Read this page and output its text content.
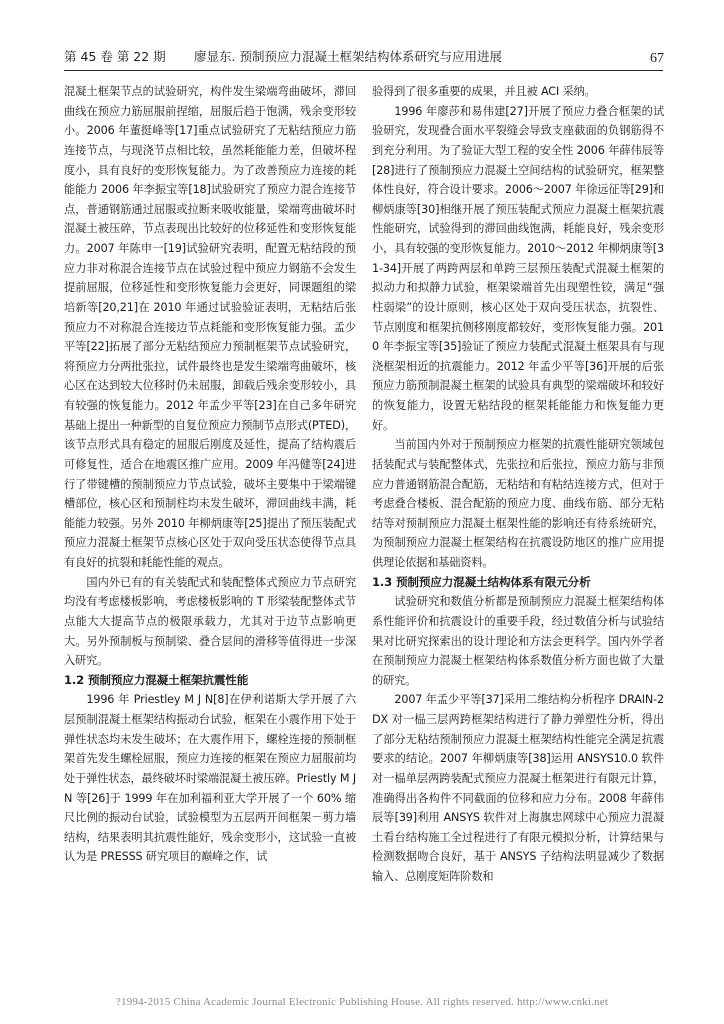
第 45 卷 第 22 期 廖显东. 预制预应力混凝土框架结构体系研究与应用进展	67

混凝土框架节点的试验研究，构件发生梁端弯曲破坏，滞回曲线在预应力筋屈服前捏缩，屈服后趋于饱满，残余变形较小。2006 年董挺峰等[17]重点试验研究了无粘结预应力筋连接节点，与现浇节点相比较，虽然耗能能力差，但破坏程度小，具有良好的变形恢复能力。为了改善预应力连接的耗能能力 2006 年李振宝等[18]试验研究了预应力混合连接节点，普通钢筋通过屈服或拉断来吸收能量，梁端弯曲破坏时混凝土被压碎，节点表现出比较好的位移延性和变形恢复能力。2007 年陈申一[19]试验研究表明，配置无粘结段的预应力非对称混合连接节点在试验过程中预应力钢筋不会发生提前屈服，位移延性和变形恢复能力会更好，同课题组的梁培新等[20,21]在 2010 年通过试验验证表明，无粘结后张预应力不对称混合连接边节点耗能和变形恢复能力强。孟少平等[22]拓展了部分无粘结预应力预制框架节点试验研究，将预应力分两批张拉，试件最终也是发生梁端弯曲破坏，核心区在达到较大位移时仍未屈服，卸载后残余变形较小，具有较强的恢复能力。2012 年孟少平等[23]在自己多年研究基础上提出一种新型的自复位预应力预制节点形式(PTED)，该节点形式具有稳定的屈服后刚度及延性，提高了结构震后可修复性，适合在地震区推广应用。2009 年冯健等[24]进行了带键槽的预制预应力节点试验，破坏主要集中于梁端键槽部位，核心区和预制柱均未发生破坏，滞回曲线丰满，耗能能力较强。另外 2010 年柳炳康等[25]提出了预压装配式预应力混凝土框架节点核心区处于双向受压状态使得节点具有良好的抗裂和耗能性能的观点。

国内外已有的有关装配式和装配整体式预应力节点研究均没有考虑楼板影响，考虑楼板影响的 T 形梁装配整体式节点能大大提高节点的极限承载力，尤其对于边节点影响更大。另外预制板与预制梁、叠合层间的滑移等值得进一步深入研究。

1.2 预制预应力混凝土框架抗震性能

1996 年 Priestley M J N[8]在伊利诺斯大学开展了六层预制混凝土框架结构振动台试验，框架在小震作用下处于弹性状态均未发生破坏；在大震作用下，螺栓连接的预制框架首先发生螺栓屈服，预应力连接的框架在预应力屈服前均处于弹性状态，最终破坏时梁端混凝土被压碎。Priestly M J N 等[26]于 1999 年在加利福利亚大学开展了一个 60% 缩尺比例的振动台试验，试验模型为五层两开间框架－剪力墙结构，结果表明其抗震性能好，残余变形小，这试验一直被认为是 PRESSS 研究项目的巅峰之作，试

验得到了很多重要的成果，并且被 ACI 采纳。

1996 年廖莎和易伟建[27]开展了预应力叠合框架的试验研究，发现叠合面水平裂缝会导致支座截面的负钢筋得不到充分利用。为了验证大型工程的安全性 2006 年薛伟辰等[28]进行了预制预应力混凝土空间结构的试验研究，框架整体性良好，符合设计要求。2006～2007 年徐远征等[29]和柳炳康等[30]相继开展了预压装配式预应力混凝土框架抗震性能研究，试验得到的滞回曲线饱满，耗能良好，残余变形小，具有较强的变形恢复能力。2010～2012 年柳炳康等[31-34]开展了两跨两层和单跨三层预压装配式混凝土框架的拟动力和拟静力试验，框架梁端首先出现塑性铰，满足“强柱弱梁”的设计原则，核心区处于双向受压状态，抗裂性、节点刚度和框架抗侧移刚度都较好，变形恢复能力强。2010 年李振宝等[35]验证了预应力装配式混凝土框架具有与现浇框架相近的抗震能力。2012 年孟少平等[36]开展的后张预应力筋预制混凝土框架的试验具有典型的梁端破坏和较好的恢复能力，设置无粘结段的框架耗能能力和恢复能力更好。

当前国内外对于预制预应力框架的抗震性能研究领域包括装配式与装配整体式，先张拉和后张拉，预应力筋与非预应力普通钢筋混合配筋，无粘结和有粘结连接方式，但对于考虑叠合楼板、混合配筋的预应力度、曲线布筋、部分无粘结等对预制预应力混凝土框架性能的影响还有待系统研究，为预制预应力混凝土框架结构在抗震设防地区的推广应用提供理论依据和基础资料。

1.3 预制预应力混凝土结构体系有限元分析

试验研究和数值分析都是预制预应力混凝土框架结构体系性能评价和抗震设计的重要手段，经过数值分析与试验结果对比研究探索出的设计理论和方法会更科学。国内外学者在预制预应力混凝土框架结构体系数值分析方面也做了大量的研究。

2007 年孟少平等[37]采用二维结构分析程序 DRAIN-2DX 对一榀三层两跨框架结构进行了静力弹塑性分析，得出了部分无粘结预制预应力混凝土框架结构性能完全满足抗震要求的结论。2007 年柳炳康等[38]运用 ANSYS10.0 软件对一榀单层两跨装配式预应力混凝土框架进行有限元计算，准确得出各构件不同截面的位移和应力分布。2008 年薛伟辰等[39]利用 ANSYS 软件对上海旗忠网球中心预应力混凝土看台结构施工全过程进行了有限元模拟分析，计算结果与检测数据吻合良好，基于 ANSYS 子结构法明显减少了数据输入、总刚度矩阵阶数和

?1994-2015 China Academic Journal Electronic Publishing House. All rights reserved. http://www.cnki.net
